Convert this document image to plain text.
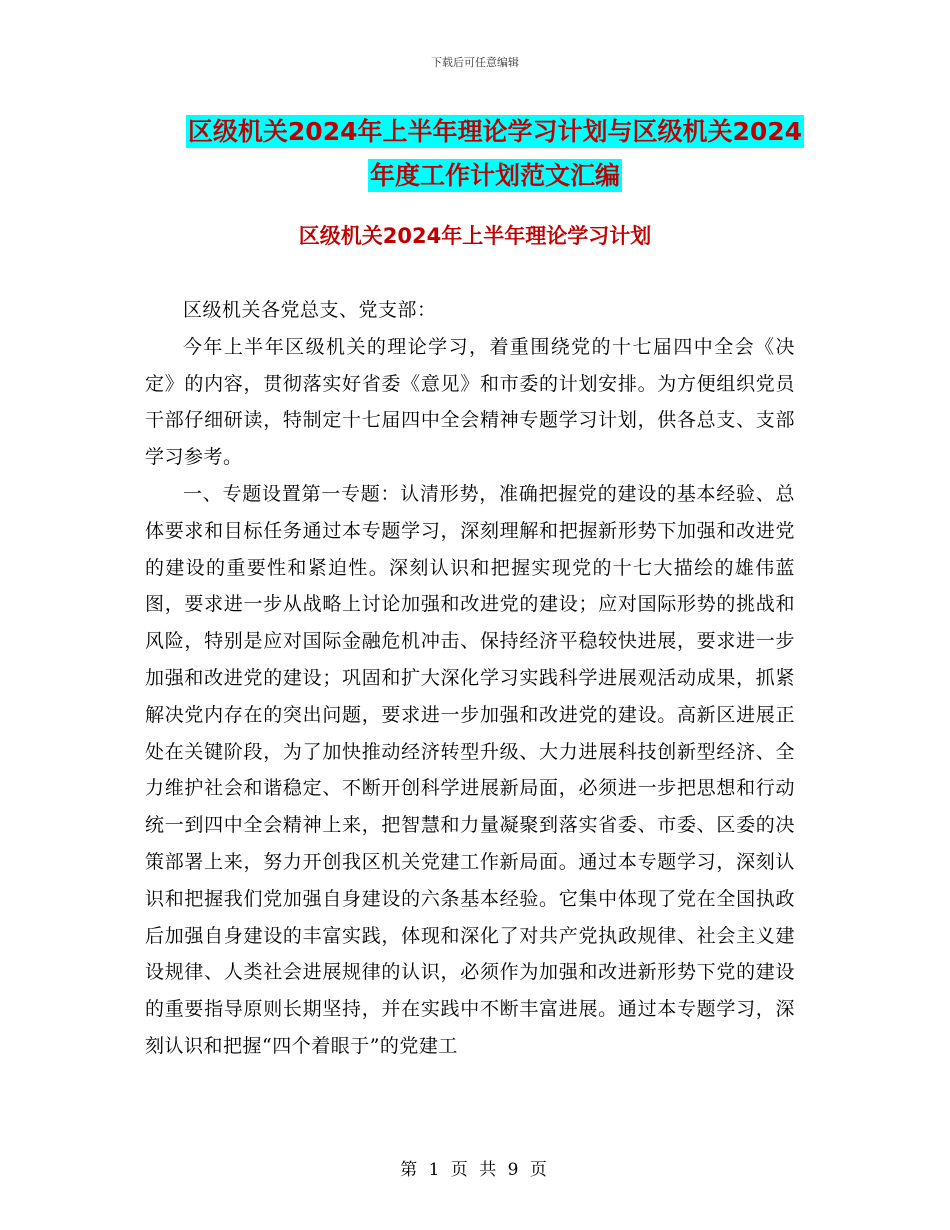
下载后可任意编辑
区级机关2024年上半年理论学习计划与区级机关2024
年度工作计划范文汇编
区级机关2024年上半年理论学习计划

区级机关各党总支、党支部：

今年上半年区级机关的理论学习，着重围绕党的十七届四中全会《决定》的内容，贯彻落实好省委《意见》和市委的计划安排。为方便组织党员干部仔细研读，特制定十七届四中全会精神专题学习计划，供各总支、支部学习参考。

一、专题设置第一专题：认清形势，准确把握党的建设的基本经验、总体要求和目标任务通过本专题学习，深刻理解和把握新形势下加强和改进党的建设的重要性和紧迫性。深刻认识和把握实现党的十七大描绘的雄伟蓝图，要求进一步从战略上讨论加强和改进党的建设；应对国际形势的挑战和风险，特别是应对国际金融危机冲击、保持经济平稳较快进展，要求进一步加强和改进党的建设；巩固和扩大深化学习实践科学进展观活动成果，抓紧解决党内存在的突出问题，要求进一步加强和改进党的建设。高新区进展正处在关键阶段，为了加快推动经济转型升级、大力进展科技创新型经济、全力维护社会和谐稳定、不断开创科学进展新局面，必须进一步把思想和行动统一到四中全会精神上来，把智慧和力量凝聚到落实省委、市委、区委的决策部署上来，努力开创我区机关党建工作新局面。通过本专题学习，深刻认识和把握我们党加强自身建设的六条基本经验。它集中体现了党在全国执政后加强自身建设的丰富实践，体现和深化了对共产党执政规律、社会主义建设规律、人类社会进展规律的认识，必须作为加强和改进新形势下党的建设的重要指导原则长期坚持，并在实践中不断丰富进展。通过本专题学习，深刻认识和把握“四个着眼于”的党建工

第 1 页 共 9 页
